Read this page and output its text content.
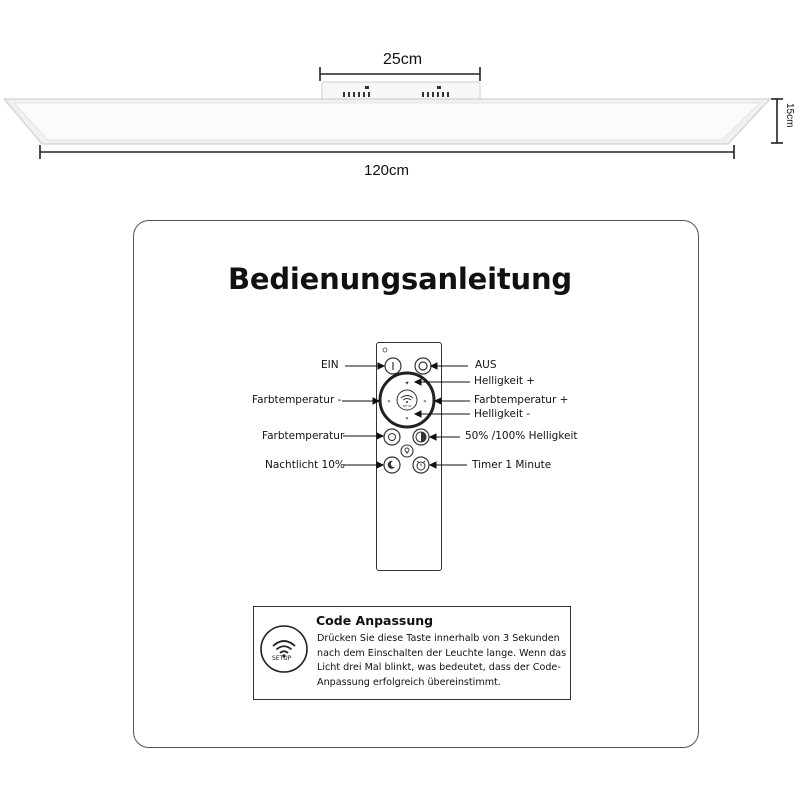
25cm
120cm
15cm
Bedienungsanleitung
SETUP
✦
✦
«	»
EIN	AUS
Helligkeit +
Farbtemperatur -	Farbtemperatur +
Helligkeit -
Farbtemperatur	50% /100% Helligkeit
Nachtlicht 10%	Timer 1 Minute
SETUP
Code Anpassung
Drücken Sie diese Taste innerhalb von 3 Sekunden
nach dem Einschalten der Leuchte lange. Wenn das
Licht drei Mal blinkt, was bedeutet, dass der Code-
Anpassung erfolgreich übereinstimmt.
